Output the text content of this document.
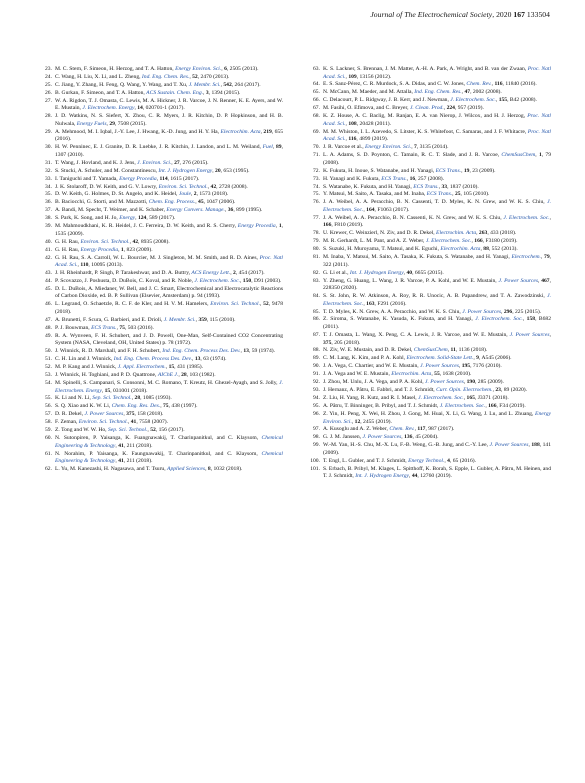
Journal of The Electrochemical Society, 2020 167 133504
23. M. C. Stern, F. Simeon, H. Herzog, and T. A. Hatton, Energy Environ. Sci., 6, 2505 (2013).
24. C. Wang, H. Liu, X. Li, and L. Zheng, Ind. Eng. Chem. Res., 52, 2470 (2013).
25. C. Jiang, Y. Zhang, H. Feng, Q. Wang, Y. Wang, and T. Xu, J. Membr. Sci., 542, 264 (2017).
26. B. Gurkan, F. Simeon, and T. A. Hatton, ACS Sustain. Chem. Eng., 3, 1394 (2015).
27. W. A. Rigdon, T. J. Omasta, C. Lewis, M. A. Hickner, J. R. Varcoe, J. N. Renner, K. E. Ayers, and W. E. Mustain, J. Electrochem. Energy, 14, 020701-1 (2017).
28. J. D. Watkins, N. S. Siefert, X. Zhou, C. R. Myers, J. R. Kitchin, D. P. Hopkinson, and H. B. Nulwala, Energy Fuels, 29, 7508 (2015).
29. A. Mehmood, M. I. Iqbal, J.-Y. Lee, J. Hwang, K.-D. Jung, and H. Y. Ha, Electrochim. Acta, 219, 655 (2016).
30. H. W. Penninec, E. J. Granite, D. R. Luebke, J. R. Kitchin, J. Landon, and L. M. Weiland, Fuel, 89, 1307 (2010).
31. T. Wang, J. Hovland, and K. J. Jens, J. Environ. Sci., 27, 276 (2015).
32. S. Stucki, A. Schuler, and M. Constantinescu, Int. J. Hydrogen Energy, 20, 653 (1995).
33. I. Taniguchi and T. Yamada, Energy Procedia, 114, 1615 (2017).
34. J. K. Stolaroff, D. W. Keith, and G. V. Lowry, Environ. Sci. Technol., 42, 2728 (2008).
35. D. W. Keith, G. Holmes, D. St. Angelo, and K. Heidel, Joule, 2, 1573 (2018).
36. B. Baciocchi, G. Storti, and M. Mazzotti, Chem. Eng. Process., 45, 1047 (2006).
37. A. Bandi, M. Specht, T. Weimer, and K. Schaber, Energy Convers. Manage., 36, 899 (1995).
38. S. Park, K. Song, and H. Jo, Energy, 124, 589 (2017).
39. M. Mahmoudkhani, K. R. Heidel, J. C. Ferreira, D. W. Keith, and R. S. Cherry, Energy Procedia, 1, 1535 (2009).
40. G. H. Rau, Environ. Sci. Technol., 42, 8935 (2008).
41. G. H. Rau, Energy Procedia, 1, 823 (2009).
42. G. H. Rau, S. A. Carroll, W. L. Bourcier, M. J. Singleton, M. M. Smith, and R. D. Aines, Proc. Natl Acad. Sci., 110, 10095 (2013).
43. J. H. Rheinhardt, P. Singh, P. Tarakeshwar, and D. A. Buttry, ACS Energy Lett., 2, 454 (2017).
44. P. Scovazzo, J. Poshusta, D. DuBois, C. Koval, and R. Noble, J. Electrochem. Soc., 150, D91 (2003).
45. D. L. DuBois, A. Miedaner, W. Bell, and J. C. Smart, Electrochemical and Electrocatalytic Reactions of Carbon Dioxide, ed. B. P. Sullivan (Elsevier, Amsterdam) p. 94 (1993).
46. L. Legrand, O. Schaetzle, R. C. F. de Kler, and H. V. M. Hamelers, Environ. Sci. Technol., 52, 9478 (2018).
47. A. Brunetti, F. Scura, G. Barbieri, and E. Drioli, J. Membr. Sci., 359, 115 (2010).
48. P. J. Bouwman, ECS Trans., 75, 503 (2016).
49. R. A. Wynveen, F. H. Schubert, and J. D. Powell, One-Man, Self-Contained CO2 Concentrating System (NASA, Cleveland, OH, United States) p. 78 (1972).
50. J. Winnick, R. D. Marshall, and F. H. Schubert, Ind. Eng. Chem. Process Des. Dev., 13, 59 (1974).
51. C. H. Lin and J. Winnick, Ind. Eng. Chem. Process Des. Dev., 13, 63 (1974).
52. M. P. Kang and J. Winnick, J. Appl. Electrochem., 15, 431 (1985).
53. J. Winnick, H. Toghiani, and P. D. Quattrone, AIChE J., 28, 103 (1982).
54. M. Spinelli, S. Campanari, S. Consonni, M. C. Romano, T. Kreutz, H. Ghezel-Ayagh, and S. Jolly, J. Electrochem. Energy, 15, 031001 (2018).
55. K. Li and N. Li, Sep. Sci. Technol., 28, 1085 (1993).
56. S. Q. Xiao and K. W. Li, Chem. Eng. Res. Des., 75, 438 (1997).
57. D. R. Dekel, J. Power Sources, 375, 158 (2018).
58. F. Zeman, Environ. Sci. Technol., 41, 7558 (2007).
59. Z. Tong and W. W. Ho, Sep. Sci. Technol., 52, 156 (2017).
60. N. Sutonpiren, P. Yaisanga, K. Fuangnawakij, T. Charinpanitkul, and C. Klaysom, Chemical Engineering & Technology, 41, 211 (2018).
61. N. Norahim, P. Yaisanga, K. Faungnawakij, T. Charinpanitkul, and C. Klaysom, Chemical Engineering & Technology, 41, 211 (2018).
62. L. Yu, M. Kanezashi, H. Nagasawa, and T. Tsuru, Applied Sciences, 8, 1032 (2018).
63. K. S. Lackner, S. Brennan, J. M. Matter, A.-H. A. Park, A. Wright, and B. van der Zwaan, Proc. Natl Acad. Sci., 109, 13156 (2012).
64. E. S. Sanz-Pérez, C. R. Murdock, S. A. Didas, and C. W. Jones, Chem. Rev., 116, 11840 (2016).
65. N. McCann, M. Maeder, and M. Attalla, Ind. Eng. Chem. Res., 47, 2002 (2008).
66. C. Delacourt, P. L. Ridgway, J. B. Kerr, and J. Newman, J. Electrochem. Soc., 155, B42 (2008).
67. M. Fasihi, O. Efimova, and C. Breyer, J. Clean. Prod., 224, 957 (2019).
68. K. Z. House, A. C. Baclig, M. Ranjan, E. A. van Nierop, J. Wilcox, and H. J. Herzog, Proc. Natl Acad. Sci., 108, 20428 (2011).
69. M. M. Whiston, I. L. Azevedo, S. Litster, K. S. Whitefoot, C. Samaras, and J. F. Whitacre, Proc. Natl Acad. Sci., 116, 4899 (2019).
70. J. R. Varcoe et al., Energy Environ. Sci., 7, 3135 (2014).
71. L. A. Adams, S. D. Poynton, C. Tamain, R. C. T. Slade, and J. R. Varcoe, ChemSusChem, 1, 79 (2008).
72. K. Fukuta, H. Inoue, S. Watanabe, and H. Yanagi, ECS Trans., 19, 23 (2009).
73. H. Yanagi and K. Fukuta, ECS Trans., 16, 257 (2008).
74. S. Watanabe, K. Fukuta, and H. Yanagi, ECS Trans., 33, 1837 (2010).
75. Y. Matsui, M. Saito, A. Tasaka, and M. Inaba, ECS Trans., 25, 105 (2010).
76. J. A. Weibel, A. A. Peracchio, B. N. Cassenti, T. D. Myles, K. N. Grew, and W. K. S. Chiu, J. Electrochem. Soc., 164, F1063 (2017).
77. J. A. Weibel, A. A. Peracchio, B. N. Cassenti, K. N. Grew, and W. K. S. Chiu, J. Electrochem. Soc., 166, F810 (2019).
78. U. Krewer, C. Weinzierl, N. Ziv, and D. R. Dekel, Electrochim. Acta, 263, 433 (2018).
79. M. R. Gerhardt, L. M. Pant, and A. Z. Weber, J. Electrochem. Soc., 166, F3180 (2019).
80. S. Suzuki, H. Muroyama, T. Matsui, and K. Eguchi, Electrochim. Acta, 88, 552 (2013).
81. M. Inaba, Y. Matsui, M. Saito, A. Tasaka, K. Fukuta, S. Watanabe, and H. Yanagi, Electrochem., 79, 322 (2011).
82. G. Li et al., Int. J. Hydrogen Energy, 40, 6655 (2015).
83. Y. Zheng, G. Huang, L. Wang, J. R. Varcoe, P. A. Kohl, and W. E. Mustain, J. Power Sources, 467, 228350 (2020).
84. S. St. John, R. W. Atkinson, A. Roy, R. R. Unocic, A. B. Papandrew, and T. A. Zawodzinski, J. Electrochem. Soc., 163, F291 (2016).
85. T. D. Myles, K. N. Grew, A. A. Peracchio, and W. K. S. Chiu, J. Power Sources, 296, 225 (2015).
86. Z. Siroma, S. Watanabe, K. Yasuda, K. Fukuta, and H. Yanagi, J. Electrochem. Soc., 158, B682 (2011).
87. T. J. Omasta, L. Wang, X. Peng, C. A. Lewis, J. R. Varcoe, and W. E. Mustain, J. Power Sources, 375, 205 (2018).
88. N. Ziv, W. E. Mustain, and D. R. Dekel, ChemSusChem, 11, 1136 (2018).
89. C. M. Lang, K. Kim, and P. A. Kohl, Electrochem. Solid-State Lett., 9, A545 (2006).
90. J. A. Vega, C. Chartier, and W. E. Mustain, J. Power Sources, 195, 7176 (2010).
91. J. A. Vega and W. E. Mustain, Electrochim. Acta, 55, 1638 (2010).
92. J. Zhou, M. Unlu, J. A. Vega, and P. A. Kohl, J. Power Sources, 190, 285 (2009).
93. J. Hernanz, A. Pătru, E. Fabbri, and T. J. Schmidt, Curr. Opin. Electrochem., 23, 89 (2020).
94. Z. Liu, H. Yang, R. Kutz, and R. I. Masel, J. Electrochem. Soc., 165, J3371 (2018).
95. A. Pătru, T. Binninger, B. Pribyl, and T. J. Schmidt, J. Electrochem. Soc., 166, F34 (2019).
96. Z. Yin, H. Peng, X. Wei, H. Zhou, J. Gong, M. Huai, X. Li, G. Wang, J. Lu, and L. Zhuang, Energy Environ. Sci., 12, 2455 (2019).
97. A. Kusoglu and A. Z. Weber, Chem. Rev., 117, 987 (2017).
98. G. J. M. Janssen, J. Power Sources, 136, 45 (2004).
99. W.-M. Yan, H.-S. Chu, M.-X. Lu, F.-B. Weng, G.-B. Jung, and C.-Y. Lee, J. Power Sources, 188, 141 (2009).
100. T. Engl, L. Gubler, and T. J. Schmidt, Energy Technol., 4, 65 (2016).
101. S. Erbach, B. Pribyl, M. Klages, L. Spitthoff, K. Borah, S. Epple, L. Gubler, A. Pătru, M. Heinen, and T. J. Schmidt, Int. J. Hydrogen Energy, 44, 12760 (2019).
